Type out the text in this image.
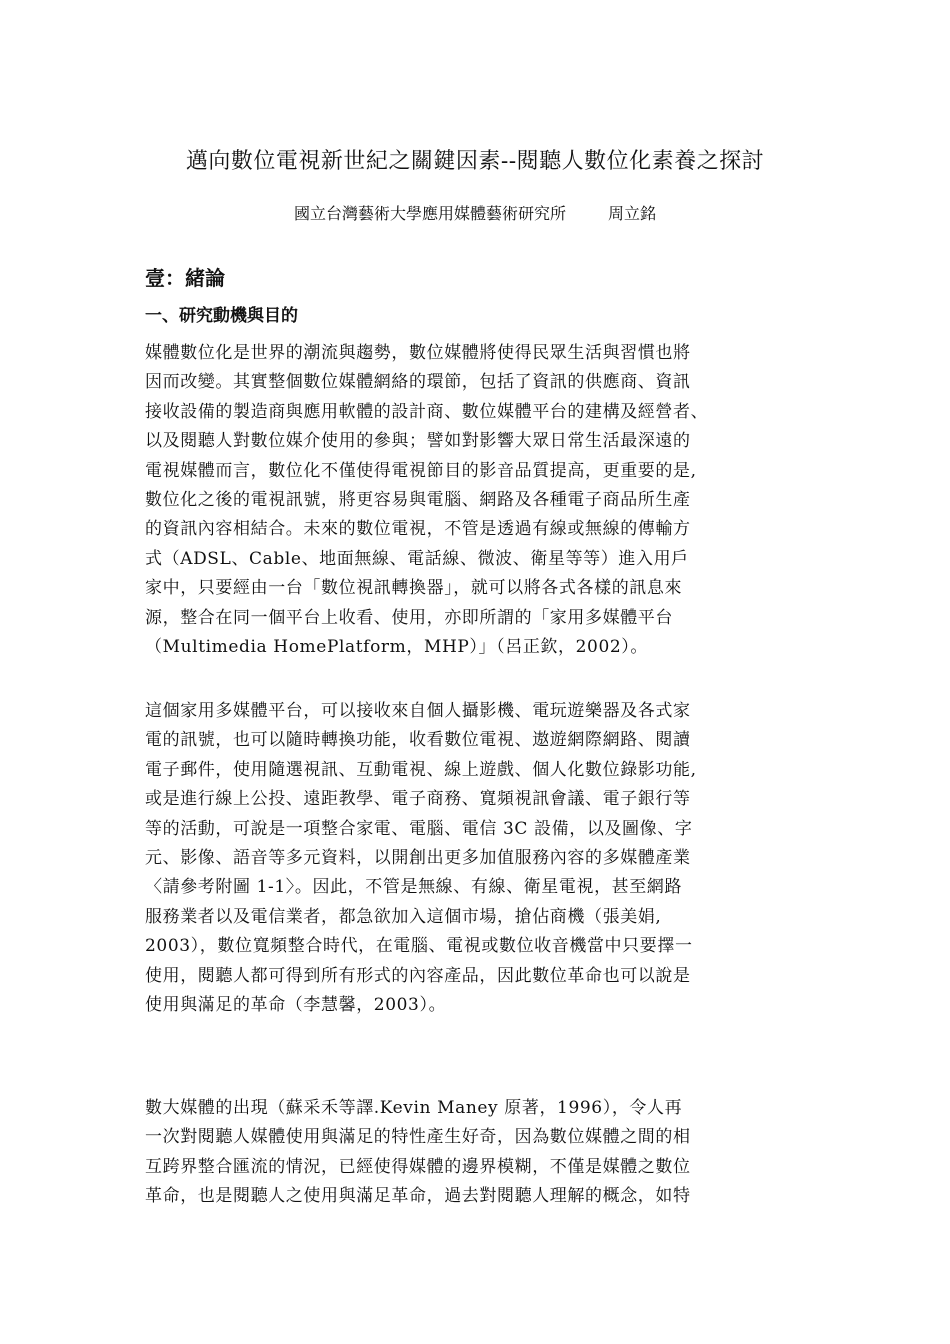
邁向數位電視新世紀之關鍵因素--閱聽人數位化素養之探討
國立台灣藝術大學應用媒體藝術研究所	周立銘
壹：緒論
一、研究動機與目的
媒體數位化是世界的潮流與趨勢，數位媒體將使得民眾生活與習慣也將
因而改變。其實整個數位媒體網絡的環節，包括了資訊的供應商、資訊
接收設備的製造商與應用軟體的設計商、數位媒體平台的建構及經營者、
以及閱聽人對數位媒介使用的參與；譬如對影響大眾日常生活最深遠的
電視媒體而言，數位化不僅使得電視節目的影音品質提高，更重要的是,
數位化之後的電視訊號，將更容易與電腦、網路及各種電子商品所生產
的資訊內容相結合。未來的數位電視，不管是透過有線或無線的傳輸方
式（ADSL、Cable、地面無線、電話線、微波、衛星等等）進入用戶
家中，只要經由一台「數位視訊轉換器」，就可以將各式各樣的訊息來
源，整合在同一個平台上收看、使用，亦即所謂的「家用多媒體平台
（Multimedia HomePlatform，MHP）」（呂正欽，2002）。
這個家用多媒體平台，可以接收來自個人攝影機、電玩遊樂器及各式家
電的訊號，也可以隨時轉換功能，收看數位電視、遨遊網際網路、閱讀
電子郵件，使用隨選視訊、互動電視、線上遊戲、個人化數位錄影功能,
或是進行線上公投、遠距教學、電子商務、寬頻視訊會議、電子銀行等
等的活動，可說是一項整合家電、電腦、電信 3C 設備，以及圖像、字
元、影像、語音等多元資料，以開創出更多加值服務內容的多媒體產業
〈請參考附圖 1-1〉。因此，不管是無線、有線、衛星電視，甚至網路
服務業者以及電信業者，都急欲加入這個市場，搶佔商機（張美娟,
2003），數位寬頻整合時代，在電腦、電視或數位收音機當中只要擇一
使用，閱聽人都可得到所有形式的內容產品，因此數位革命也可以說是
使用與滿足的革命（李慧馨，2003）。
數大媒體的出現（蘇采禾等譯.Kevin Maney 原著，1996），令人再
一次對閱聽人媒體使用與滿足的特性產生好奇，因為數位媒體之間的相
互跨界整合匯流的情況，已經使得媒體的邊界模糊，不僅是媒體之數位
革命，也是閱聽人之使用與滿足革命，過去對閱聽人理解的概念，如特
